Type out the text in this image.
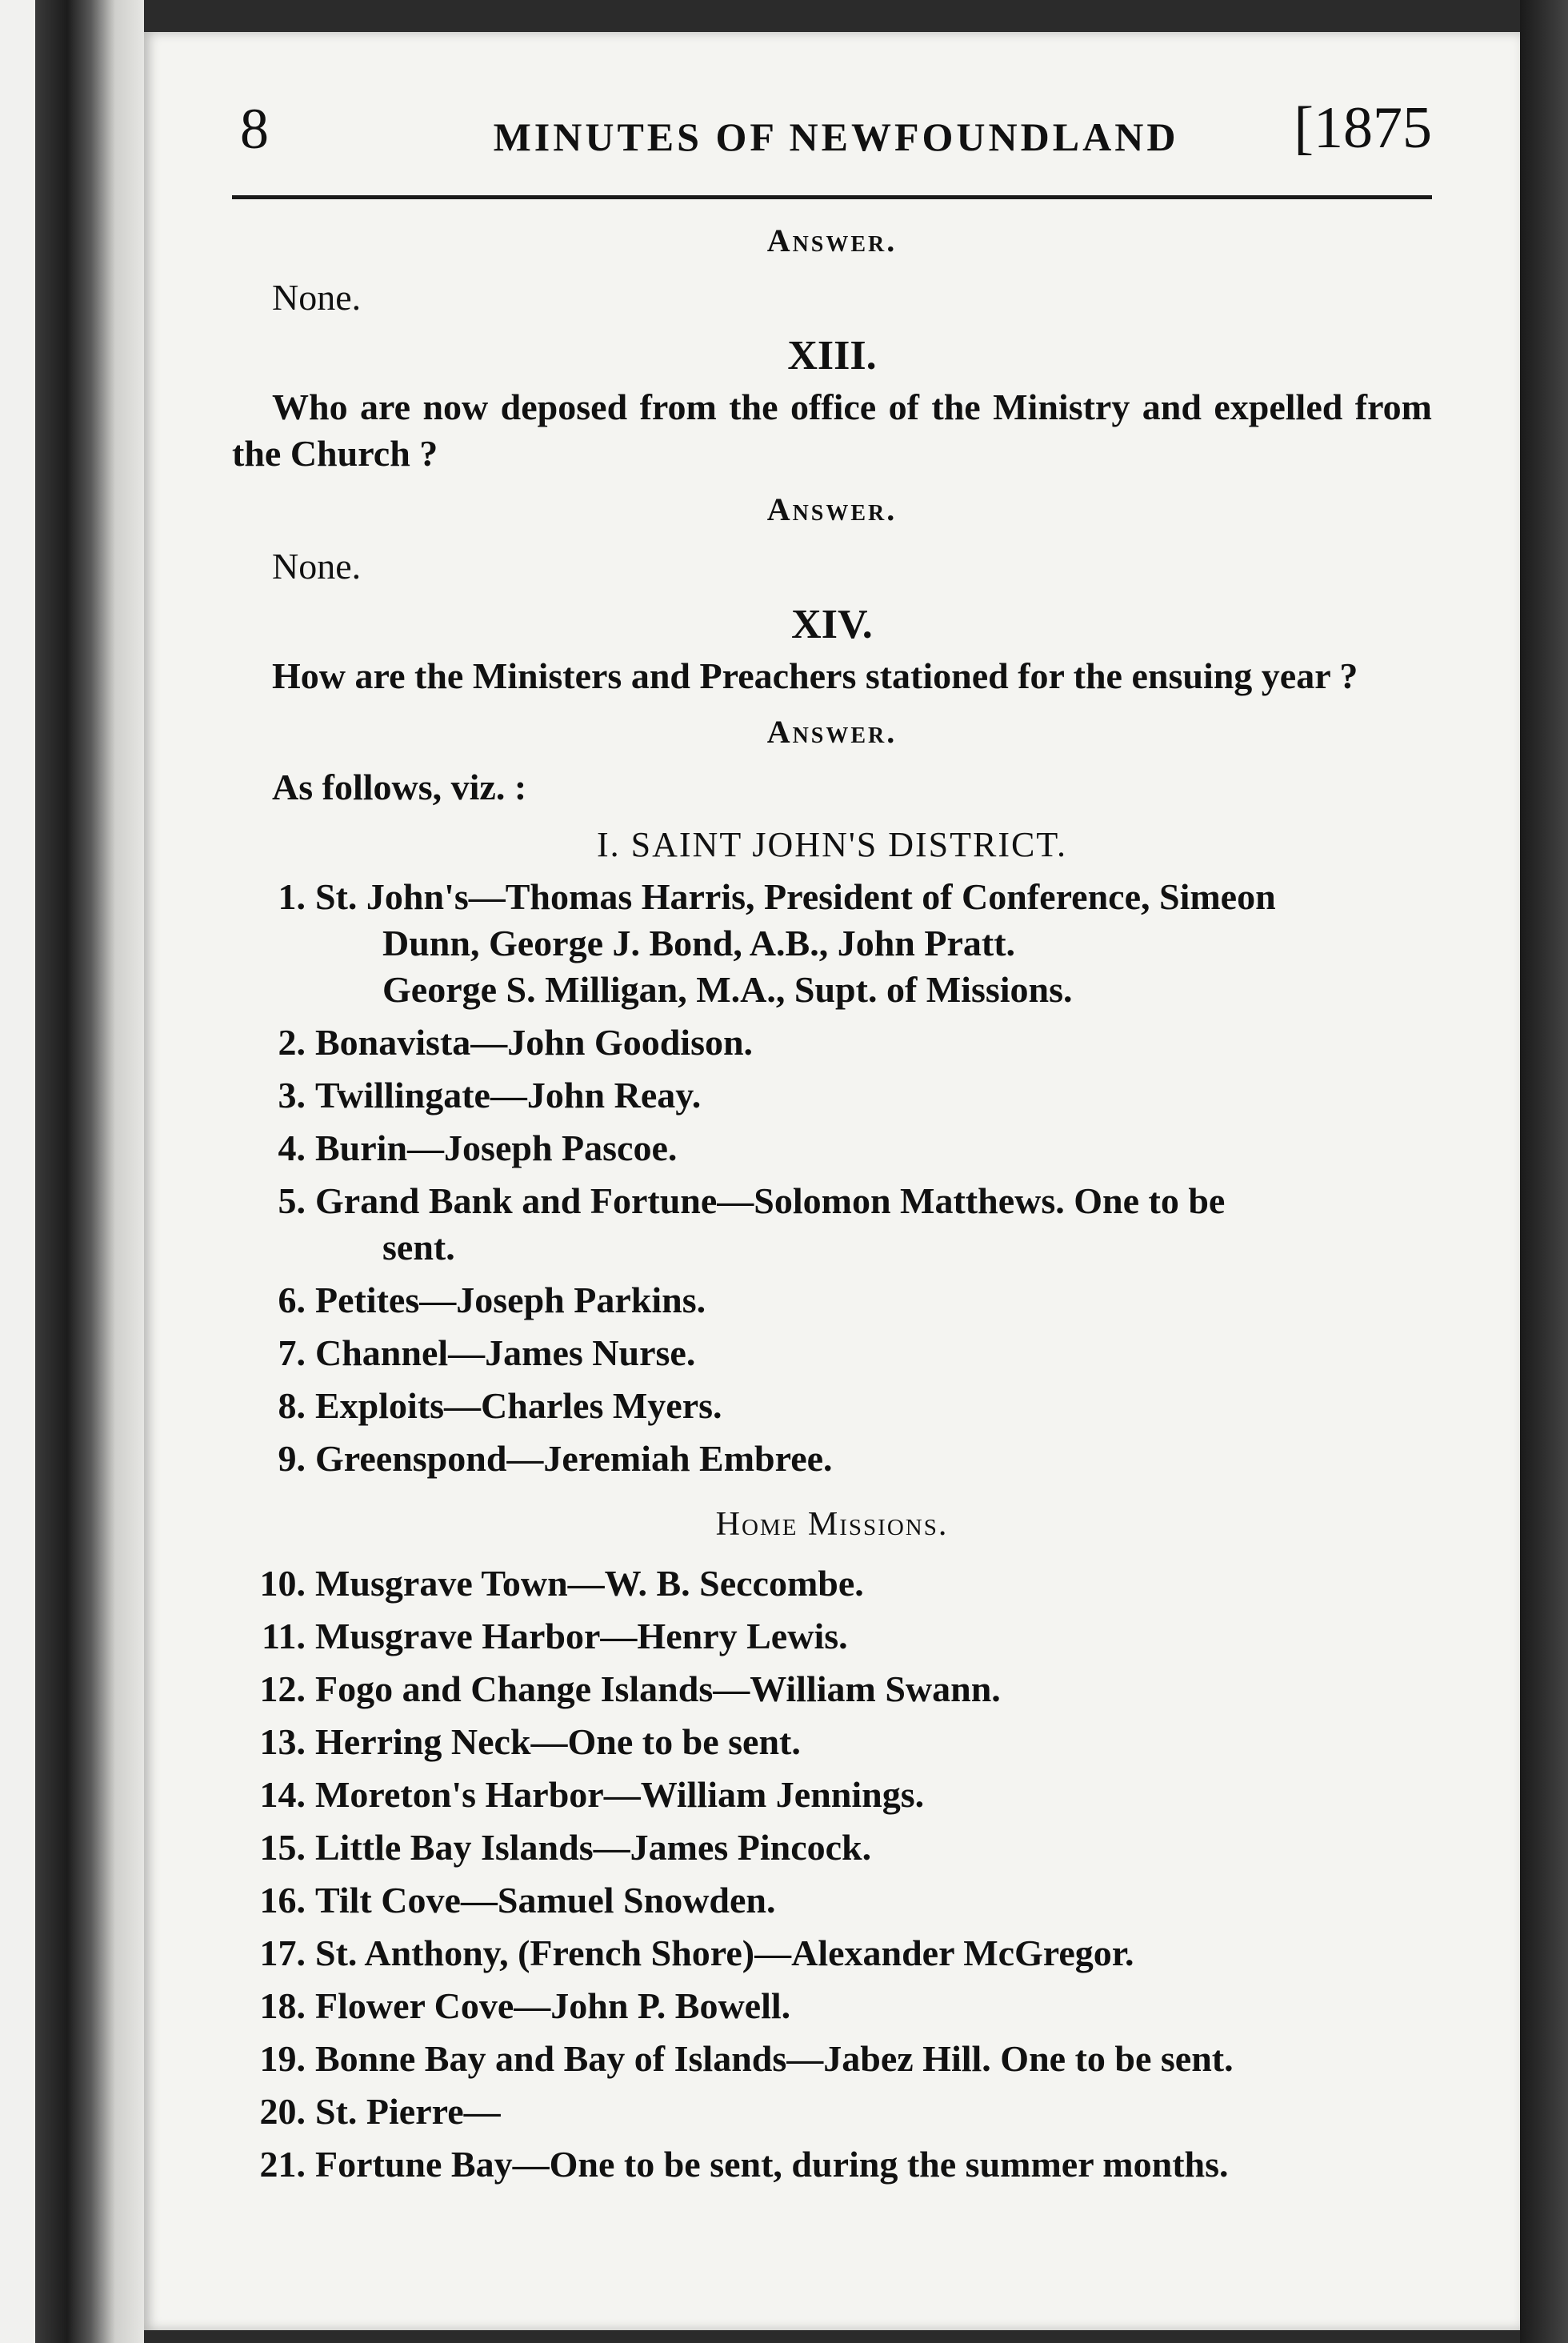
8	MINUTES OF NEWFOUNDLAND	[1875
Answer.
None.
XIII.
Who are now deposed from the office of the Ministry and expelled from the Church ?
Answer.
None.
XIV.
How are the Ministers and Preachers stationed for the ensuing year ?
Answer.
As follows, viz. :
I. SAINT JOHN'S DISTRICT.
1. St. John's—Thomas Harris, President of Conference, Simeon
Dunn, George J. Bond, A.B., John Pratt.
George S. Milligan, M.A., Supt. of Missions.
2. Bonavista—John Goodison.
3. Twillingate—John Reay.
4. Burin—Joseph Pascoe.
5. Grand Bank and Fortune—Solomon Matthews. One to be
sent.
6. Petites—Joseph Parkins.
7. Channel—James Nurse.
8. Exploits—Charles Myers.
9. Greenspond—Jeremiah Embree.
Home Missions.
10. Musgrave Town—W. B. Seccombe.
11. Musgrave Harbor—Henry Lewis.
12. Fogo and Change Islands—William Swann.
13. Herring Neck—One to be sent.
14. Moreton's Harbor—William Jennings.
15. Little Bay Islands—James Pincock.
16. Tilt Cove—Samuel Snowden.
17. St. Anthony, (French Shore)—Alexander McGregor.
18. Flower Cove—John P. Bowell.
19. Bonne Bay and Bay of Islands—Jabez Hill. One to be sent.
20. St. Pierre—
21. Fortune Bay—One to be sent, during the summer months.
